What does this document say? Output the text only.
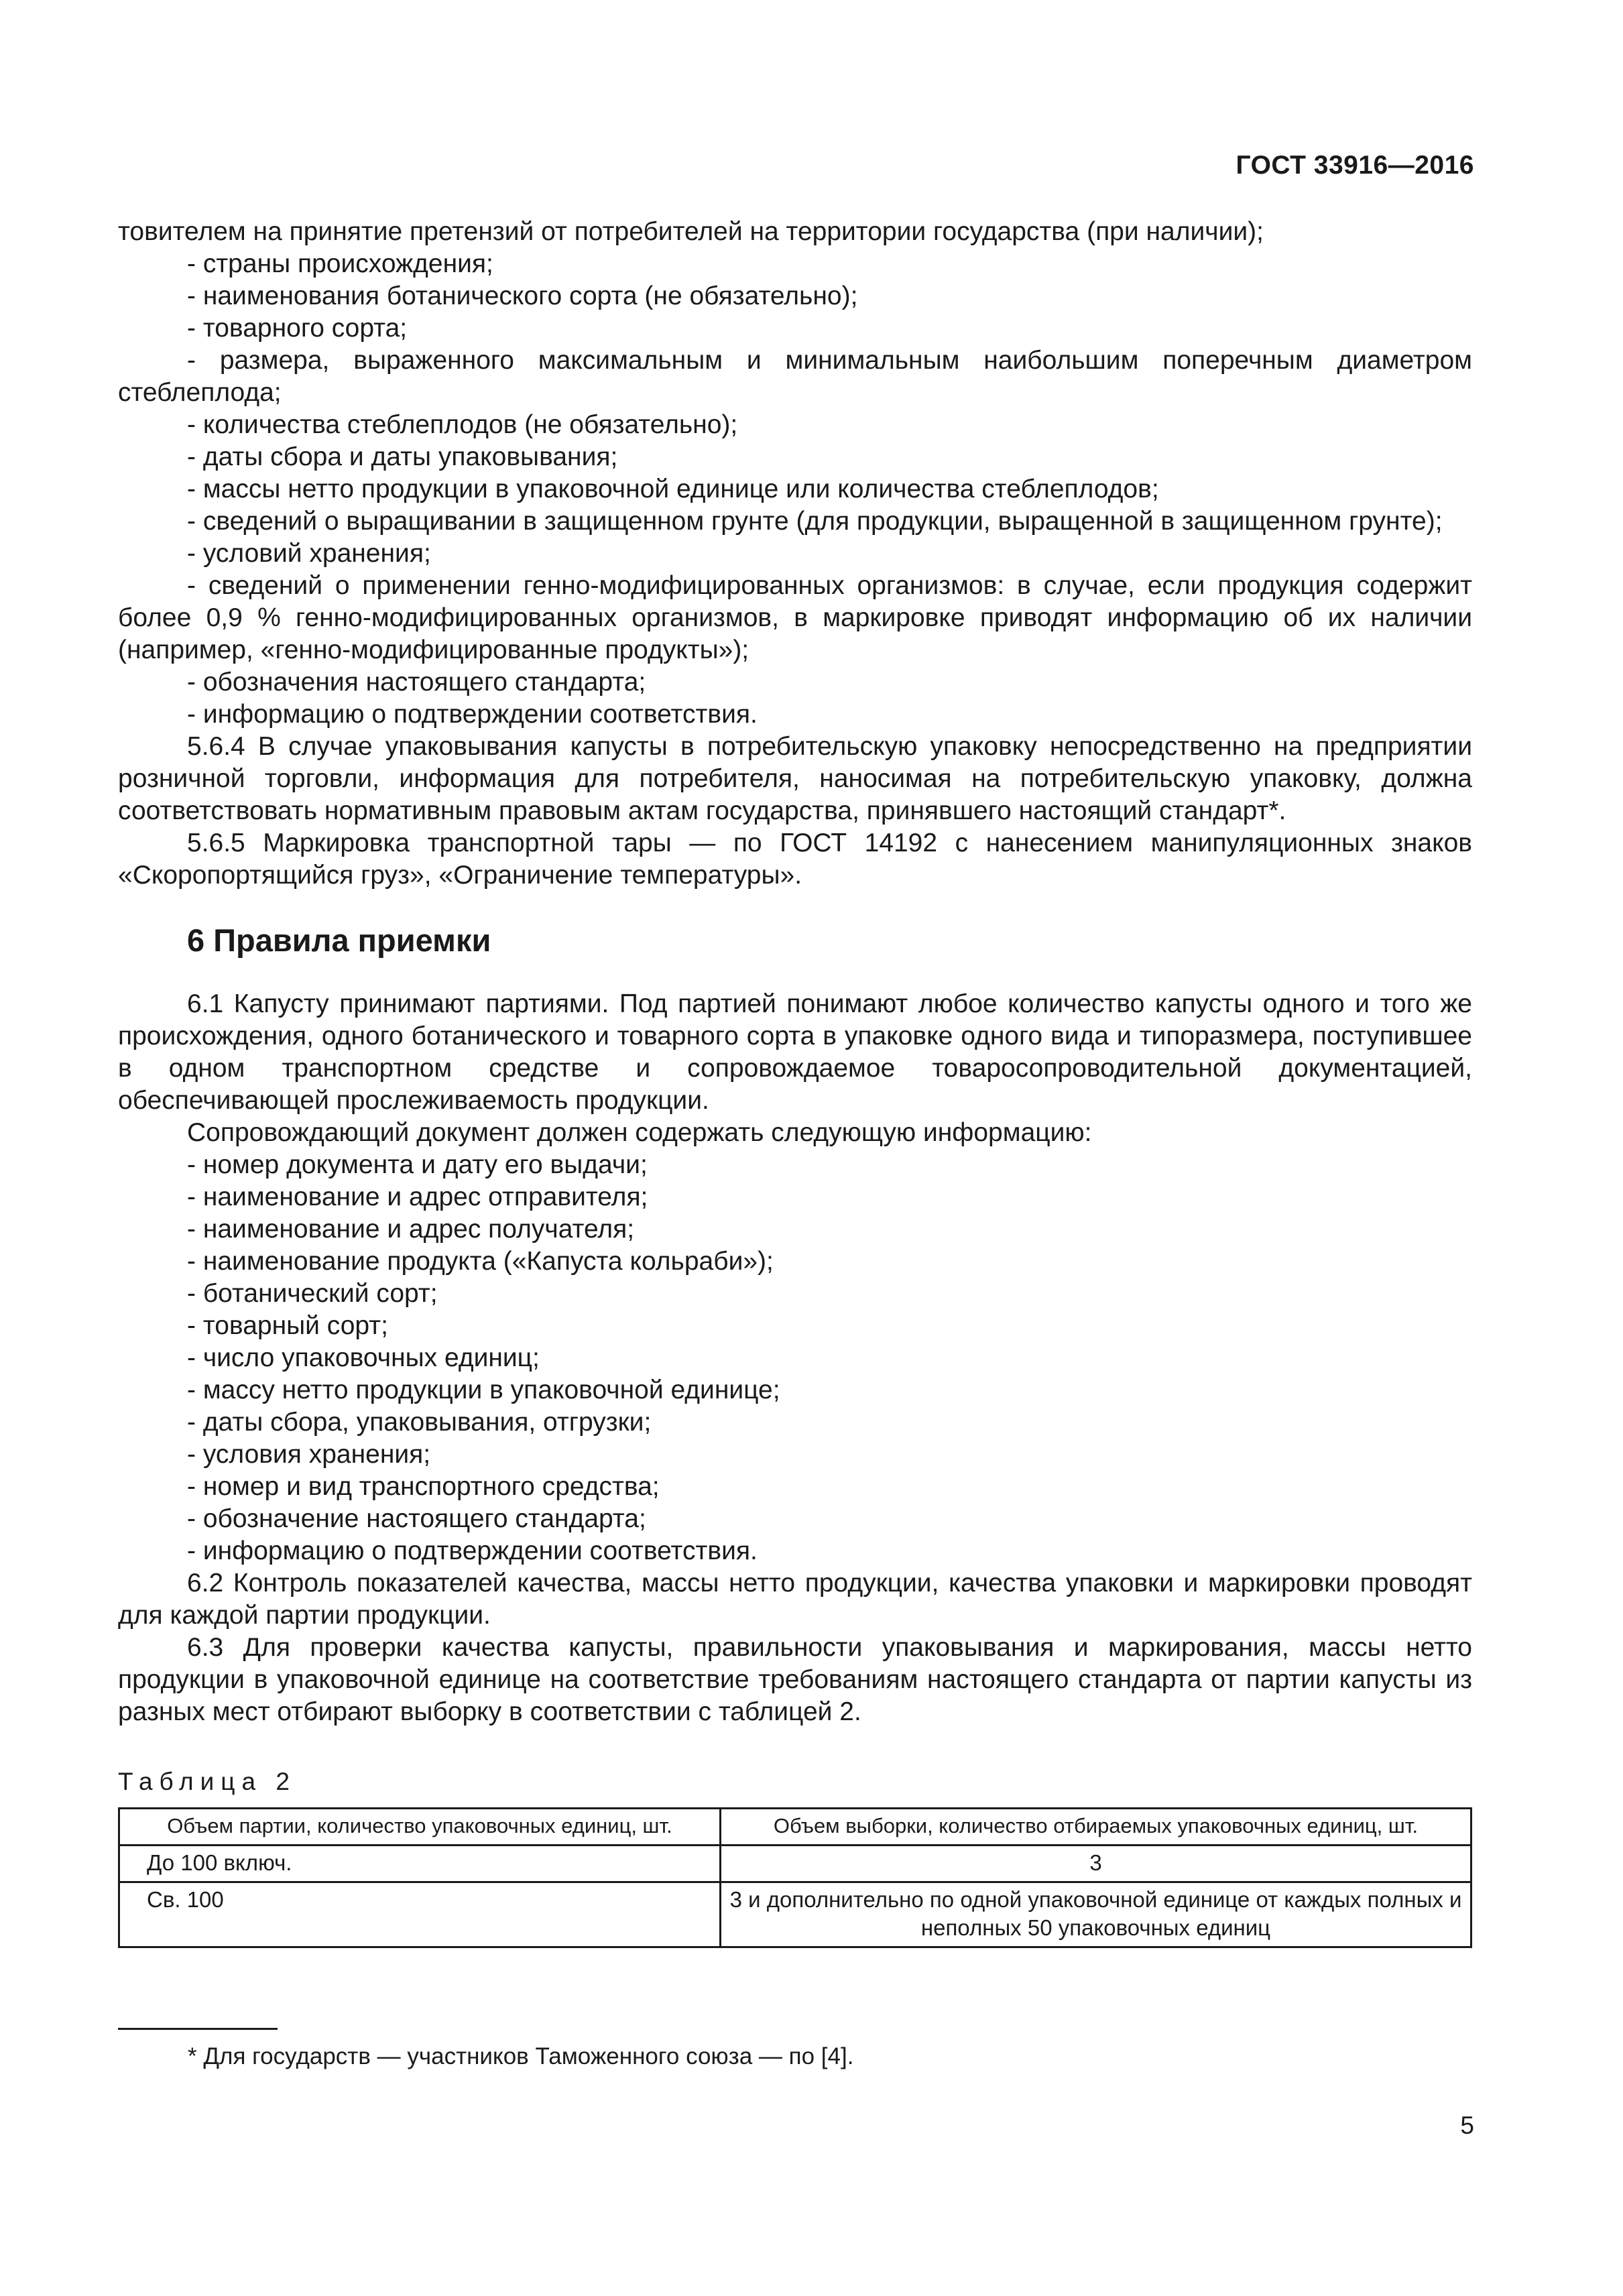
ГОСТ 33916—2016

товителем на принятие претензий от потребителей на территории государства (при наличии);

- страны происхождения;

- наименования ботанического сорта (не обязательно);

- товарного сорта;

- размера, выраженного максимальным и минимальным наибольшим поперечным диаметром стеблеплода;

- количества стеблеплодов (не обязательно);

- даты сбора и даты упаковывания;

- массы нетто продукции в упаковочной единице или количества стеблеплодов;

- сведений о выращивании в защищенном грунте (для продукции, выращенной в защищенном грунте);

- условий хранения;

- сведений о применении генно-модифицированных организмов: в случае, если продукция содержит более 0,9 % генно-модифицированных организмов, в маркировке приводят информацию об их наличии (например, «генно-модифицированные продукты»);

- обозначения настоящего стандарта;

- информацию о подтверждении соответствия.

5.6.4 В случае упаковывания капусты в потребительскую упаковку непосредственно на предприятии розничной торговли, информация для потребителя, наносимая на потребительскую упаковку, должна соответствовать нормативным правовым актам государства, принявшего настоящий стандарт*.

5.6.5 Маркировка транспортной тары — по ГОСТ 14192 с нанесением манипуляционных знаков «Скоропортящийся груз», «Ограничение температуры».

6 Правила приемки

6.1 Капусту принимают партиями. Под партией понимают любое количество капусты одного и того же происхождения, одного ботанического и товарного сорта в упаковке одного вида и типоразмера, поступившее в одном транспортном средстве и сопровождаемое товаросопроводительной документацией, обеспечивающей прослеживаемость продукции.

Сопровождающий документ должен содержать следующую информацию:

- номер документа и дату его выдачи;

- наименование и адрес отправителя;

- наименование и адрес получателя;

- наименование продукта («Капуста кольраби»);

- ботанический сорт;

- товарный сорт;

- число упаковочных единиц;

- массу нетто продукции в упаковочной единице;

- даты сбора, упаковывания, отгрузки;

- условия хранения;

- номер и вид транспортного средства;

- обозначение настоящего стандарта;

- информацию о подтверждении соответствия.

6.2 Контроль показателей качества, массы нетто продукции, качества упаковки и маркировки проводят для каждой партии продукции.

6.3 Для проверки качества капусты, правильности упаковывания и маркирования, массы нетто продукции в упаковочной единице на соответствие требованиям настоящего стандарта от партии капусты из разных мест отбирают выборку в соответствии с таблицей 2.

Таблица 2
Объем партии, количество упаковочных единиц, шт.	Объем выборки, количество отбираемых упаковочных единиц, шт.
До 100 включ.	3
Св. 100	3 и дополнительно по одной упаковочной единице от каждых полных и неполных 50 упаковочных единиц
* Для государств — участников Таможенного союза — по [4].
5
